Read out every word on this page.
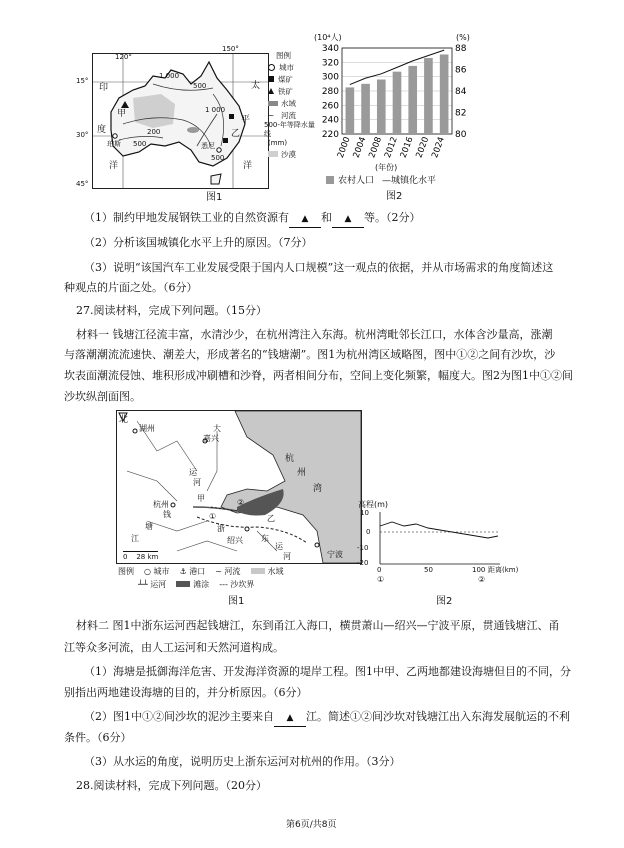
120°
印
度
洋
太
平
洋
甲
珀斯	悉尼
乙
1 000
500
500
200
1 000
500
150°
15°
30°
45°
图例
城市
煤矿
铁矿
水域
~ 河流
500-年等降水量线
(mm)
沙漠
图1
(10⁴人)	(%)
340
320
300
280
260
240
220
88
86
84
82
80
2000
2004
2008
2012
2016
2020
2024
(年份)
农村人口 —城镇化水平
图2
（1）制约甲地发展钢铁工业的自然资源有 ▲ 和 ▲ 等。（2分）
（2）分析该国城镇化水平上升的原因。（7分）
（3）说明“该国汽车工业发展受限于国内人口规模”这一观点的依据，并从市场需求的角度简述这
种观点的片面之处。（6分）
27.阅读材料，完成下列问题。（15分）
材料一 钱塘江径流丰富，水清沙少，在杭州湾注入东海。杭州湾毗邻长江口，水体含沙量高，涨潮
与落潮潮流流速快、潮差大，形成著名的“钱塘潮”。图1为杭州湾区域略图，图中①②之间有沙坎，沙
坎表面潮流侵蚀、堆积形成冲刷槽和沙脊，两者相间分布，空间上变化频繁，幅度大。图2为图1中①②间
沙坎纵剖面图。
北
湖州	大
嘉兴
运
河
杭
州
湾
甲
杭州
钱
塘
江
浙
东
绍兴
运
河	宁波
乙
①
②
0    28 km
图例 ○ 城市 ⚓ 港口 ~ 河流	水域
┴┴ 运河	滩涂 --- 沙坎界
图1
高程(m)
10
0
-10
-20
0	50	100 距离(km)
①	②
图2
材料二 图1中浙东运河西起钱塘江，东到甬江入海口，横贯萧山—绍兴—宁波平原，贯通钱塘江、甬
江等众多河流，由人工运河和天然河道构成。
（1）海塘是抵御海洋危害、开发海洋资源的堤岸工程。图1中甲、乙两地都建设海塘但目的不同，分
别指出两地建设海塘的目的，并分析原因。（6分）
（2）图1中①②间沙坎的泥沙主要来自 ▲ 江。简述①②间沙坎对钱塘江出入东海发展航运的不利
条件。（6分）
（3）从水运的角度，说明历史上浙东运河对杭州的作用。（3分）
28.阅读材料，完成下列问题。（20分）
第6页/共8页
